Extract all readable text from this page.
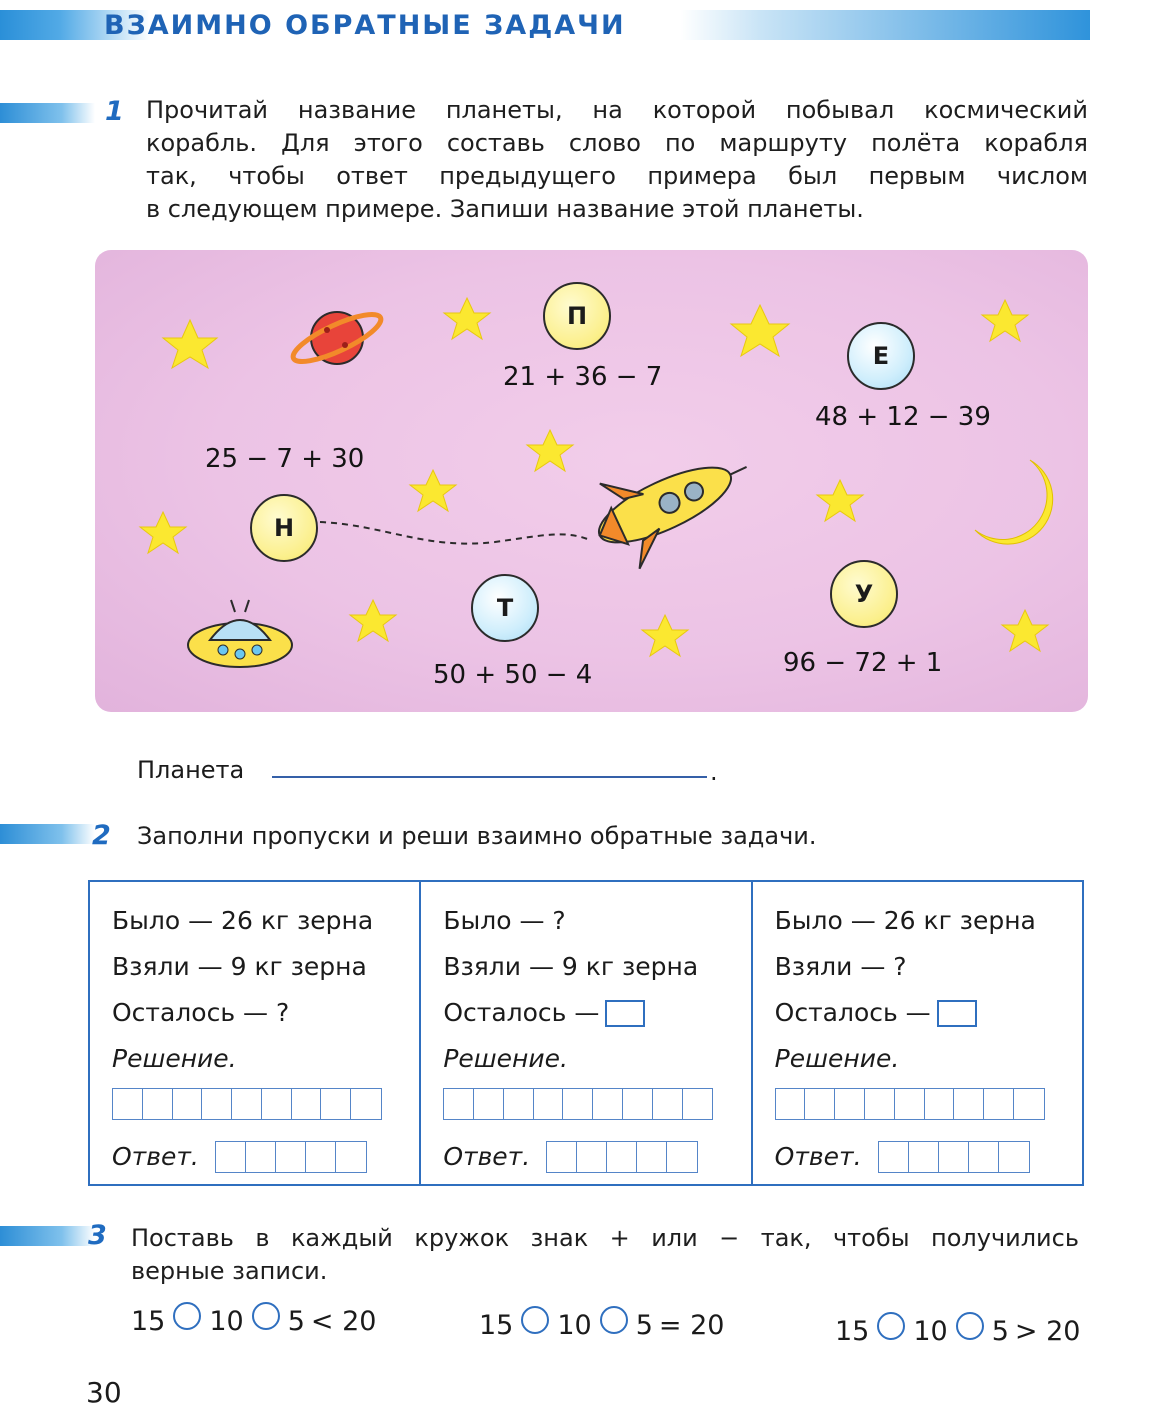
ВЗАИМНО ОБРАТНЫЕ ЗАДАЧИ
1 Прочитай названиe планеты, на которой побывал космический
корабль. Для этого составь слово по маршруту полёта корабля
так, чтобы ответ предыдущего примера был первым числом
в следующем примере. Запиши название этой планеты.
П
21 + 36 − 7
Е
48 + 12 − 39
25 − 7 + 30
Н
Т
50 + 50 − 4
У
96 − 72 + 1
Планета	.
2 Заполни пропуски и реши взаимно обратные задачи.
Было — 26 кг зерна
Взяли — 9 кг зерна
Осталось — ?
Решение.
Ответ.
Было — ?
Взяли — 9 кг зерна
Осталось —
Решение.
Ответ.
Было — 26 кг зерна
Взяли — ?
Осталось —
Решение.
Ответ.
3 Поставь в каждый кружок знак + или − так, чтобы получились
верные записи.
15 10 5 < 20	15 10 5 = 20	15 10 5 > 20
30
